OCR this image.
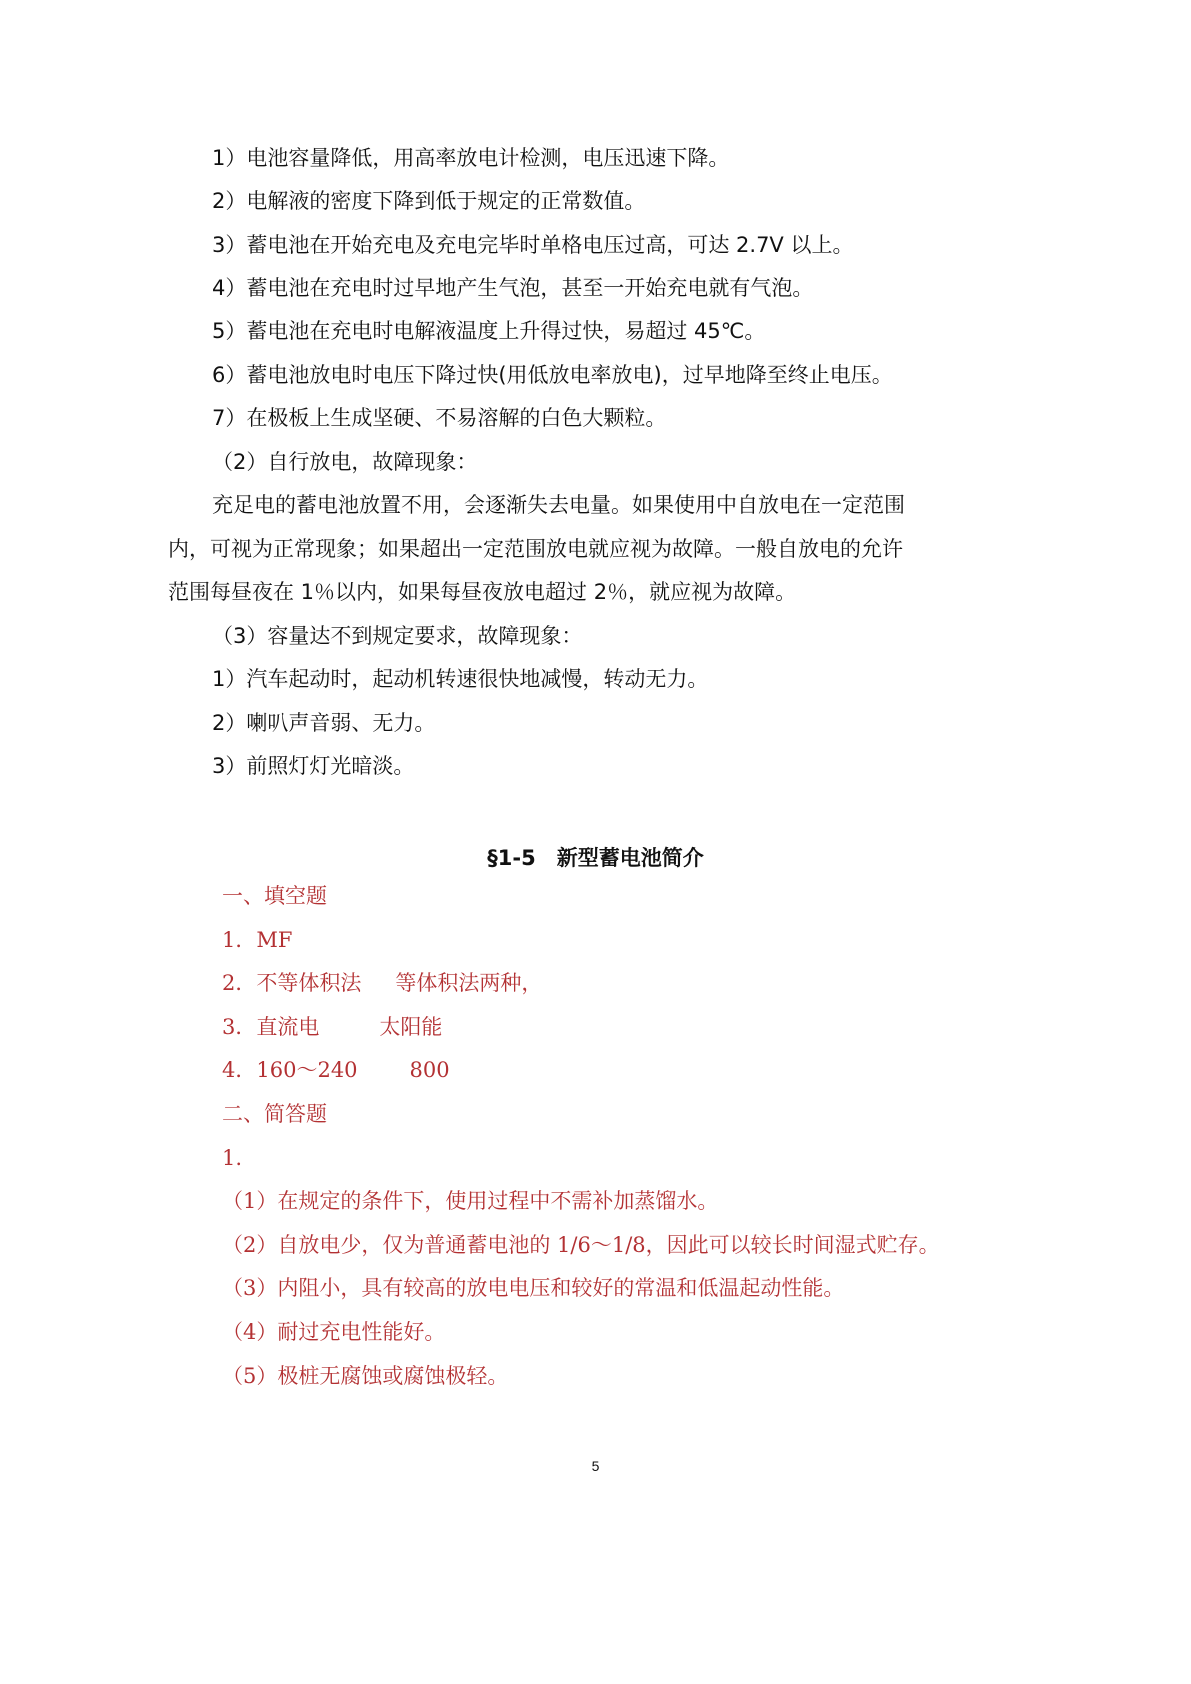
1）电池容量降低，用高率放电计检测，电压迅速下降。
2）电解液的密度下降到低于规定的正常数值。
3）蓄电池在开始充电及充电完毕时单格电压过高，可达 2.7V 以上。
4）蓄电池在充电时过早地产生气泡，甚至一开始充电就有气泡。
5）蓄电池在充电时电解液温度上升得过快，易超过 45℃。
6）蓄电池放电时电压下降过快(用低放电率放电)，过早地降至终止电压。
7）在极板上生成坚硬、不易溶解的白色大颗粒。
（2）自行放电，故障现象：
充足电的蓄电池放置不用，会逐渐失去电量。如果使用中自放电在一定范围
内，可视为正常现象；如果超出一定范围放电就应视为故障。一般自放电的允许
范围每昼夜在 1％以内，如果每昼夜放电超过 2％，就应视为故障。
（3）容量达不到规定要求，故障现象：
1）汽车起动时，起动机转速很快地减慢，转动无力。
2）喇叭声音弱、无力。
3）前照灯灯光暗淡。
§1-5　新型蓄电池简介
一、填空题
1．MF
2．不等体积法 等体积法两种，
3．直流电	太阳能
4．160～240 800
二、简答题
1.
（1）在规定的条件下，使用过程中不需补加蒸馏水。
（2）自放电少，仅为普通蓄电池的 1/6～1/8，因此可以较长时间湿式贮存。
（3）内阻小，具有较高的放电电压和较好的常温和低温起动性能。
（4）耐过充电性能好。
（5）极桩无腐蚀或腐蚀极轻。
5
